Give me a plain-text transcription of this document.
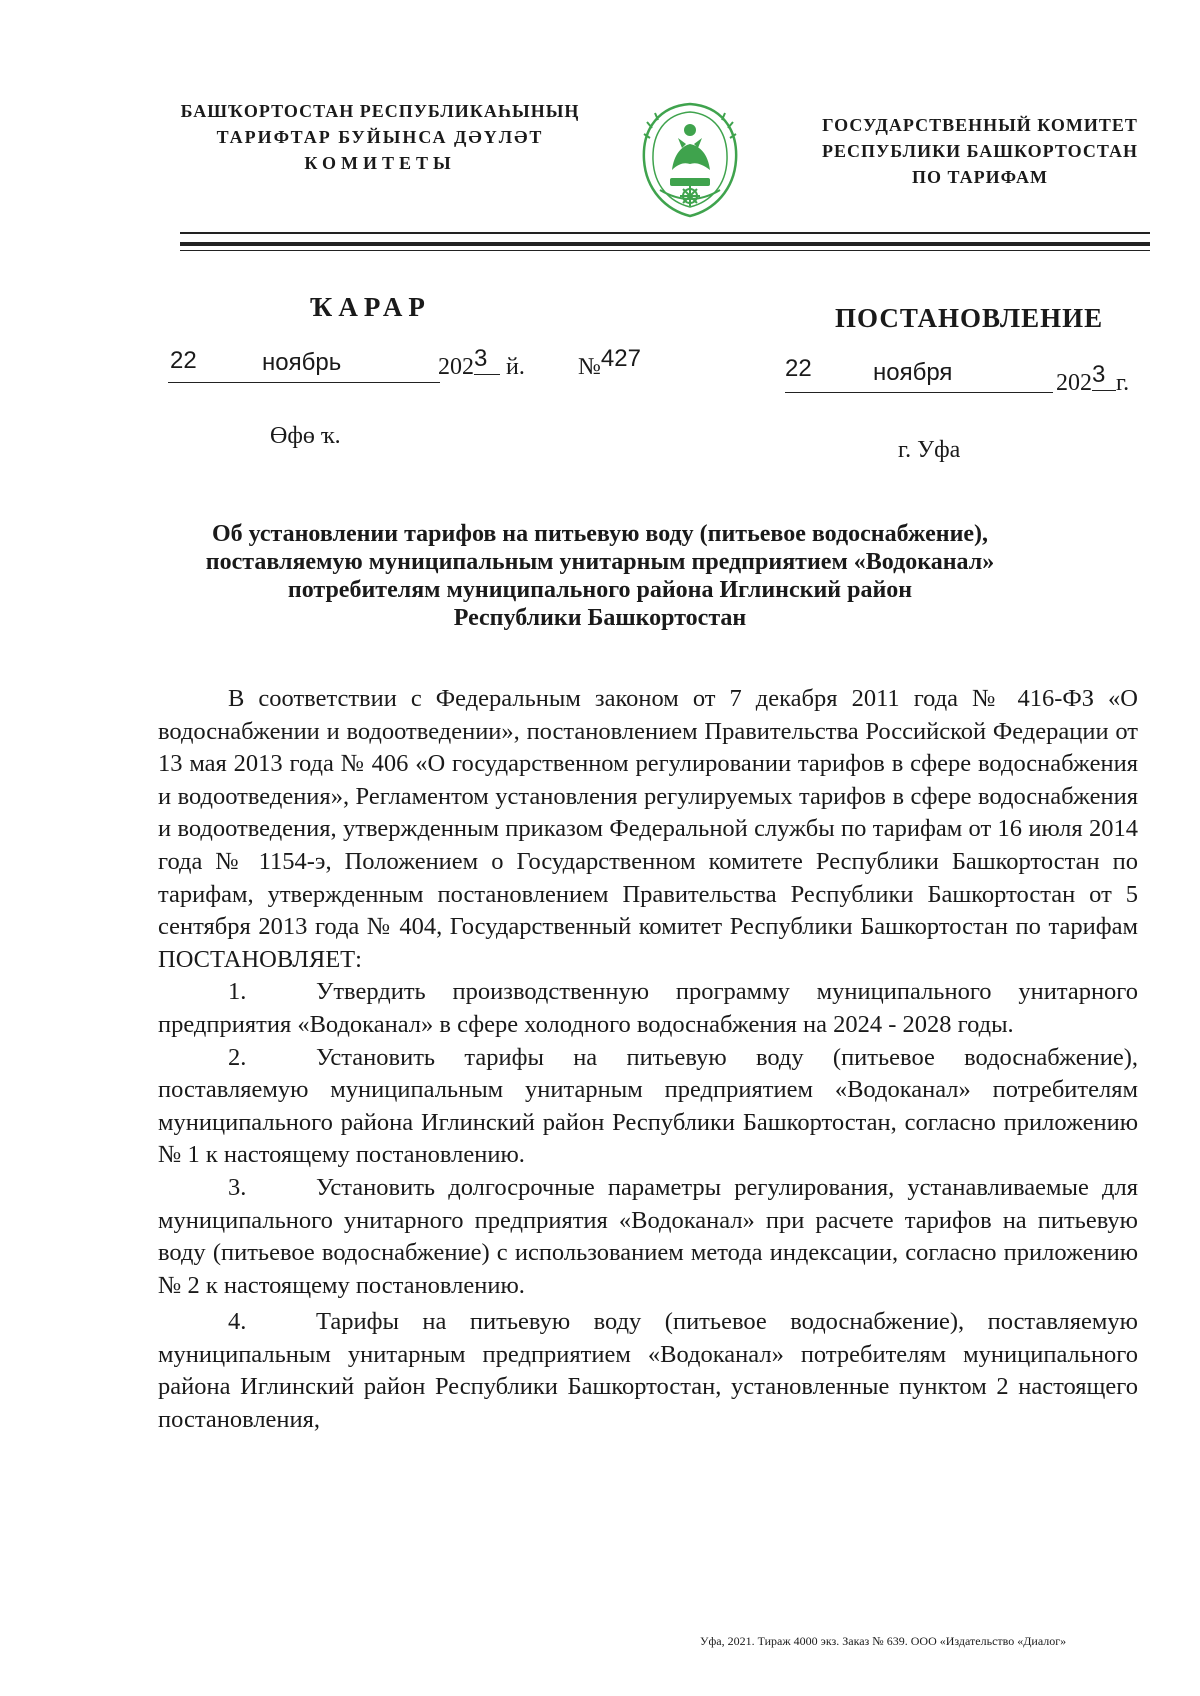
БАШҠОРТОСТАН РЕСПУБЛИКАҺЫНЫҢ
ТАРИФТАР БУЙЫНСА ДӘҮЛӘТ
КОМИТЕТЫ
ГОСУДАРСТВЕННЫЙ КОМИТЕТ
РЕСПУБЛИКИ БАШКОРТОСТАН
ПО ТАРИФАМ
ҠАРАР	ПОСТАНОВЛЕНИЕ
22	ноябрь	2023 й. №427	22	ноября	2023 г.
Өфө ҡ.
г. Уфа
Об установлении тарифов на питьевую воду (питьевое водоснабжение),
поставляемую муниципальным унитарным предприятием «Водоканал»
потребителям муниципального района Иглинский район
Республики Башкортостан

В соответствии с Федеральным законом от 7 декабря 2011 года № 416-ФЗ «О водоснабжении и водоотведении», постановлением Правительства Российской Федерации от 13 мая 2013 года № 406 «О государственном регулировании тарифов в сфере водоснабжения и водоотведения», Регламентом установления регулируемых тарифов в сфере водоснабжения и водоотведения, утвержденным приказом Федеральной службы по тарифам от 16 июля 2014 года № 1154-э, Положением о Государственном комитете Республики Башкортостан по тарифам, утвержденным постановлением Правительства Республики Башкортостан от 5 сентября 2013 года № 404, Государственный комитет Республики Башкортостан по тарифам ПОСТАНОВЛЯЕТ:

1.	Утвердить производственную программу муниципального унитарного предприятия «Водоканал» в сфере холодного водоснабжения на 2024 - 2028 годы.

2.	Установить тарифы на питьевую воду (питьевое водоснабжение), поставляемую муниципальным унитарным предприятием «Водоканал» потребителям муниципального района Иглинский район Республики Башкортостан, согласно приложению № 1 к настоящему постановлению.

3.	Установить долгосрочные параметры регулирования, устанавливаемые для муниципального унитарного предприятия «Водоканал» при расчете тарифов на питьевую воду (питьевое водоснабжение) с использованием метода индексации, согласно приложению № 2 к настоящему постановлению.

4.	Тарифы на питьевую воду (питьевое водоснабжение), поставляемую муниципальным унитарным предприятием «Водоканал» потребителям муниципального района Иглинский район Республики Башкортостан, установленные пунктом 2 настоящего постановления,

Уфа, 2021. Тираж 4000 экз. Заказ № 639. ООО «Издательство «Диалог»
